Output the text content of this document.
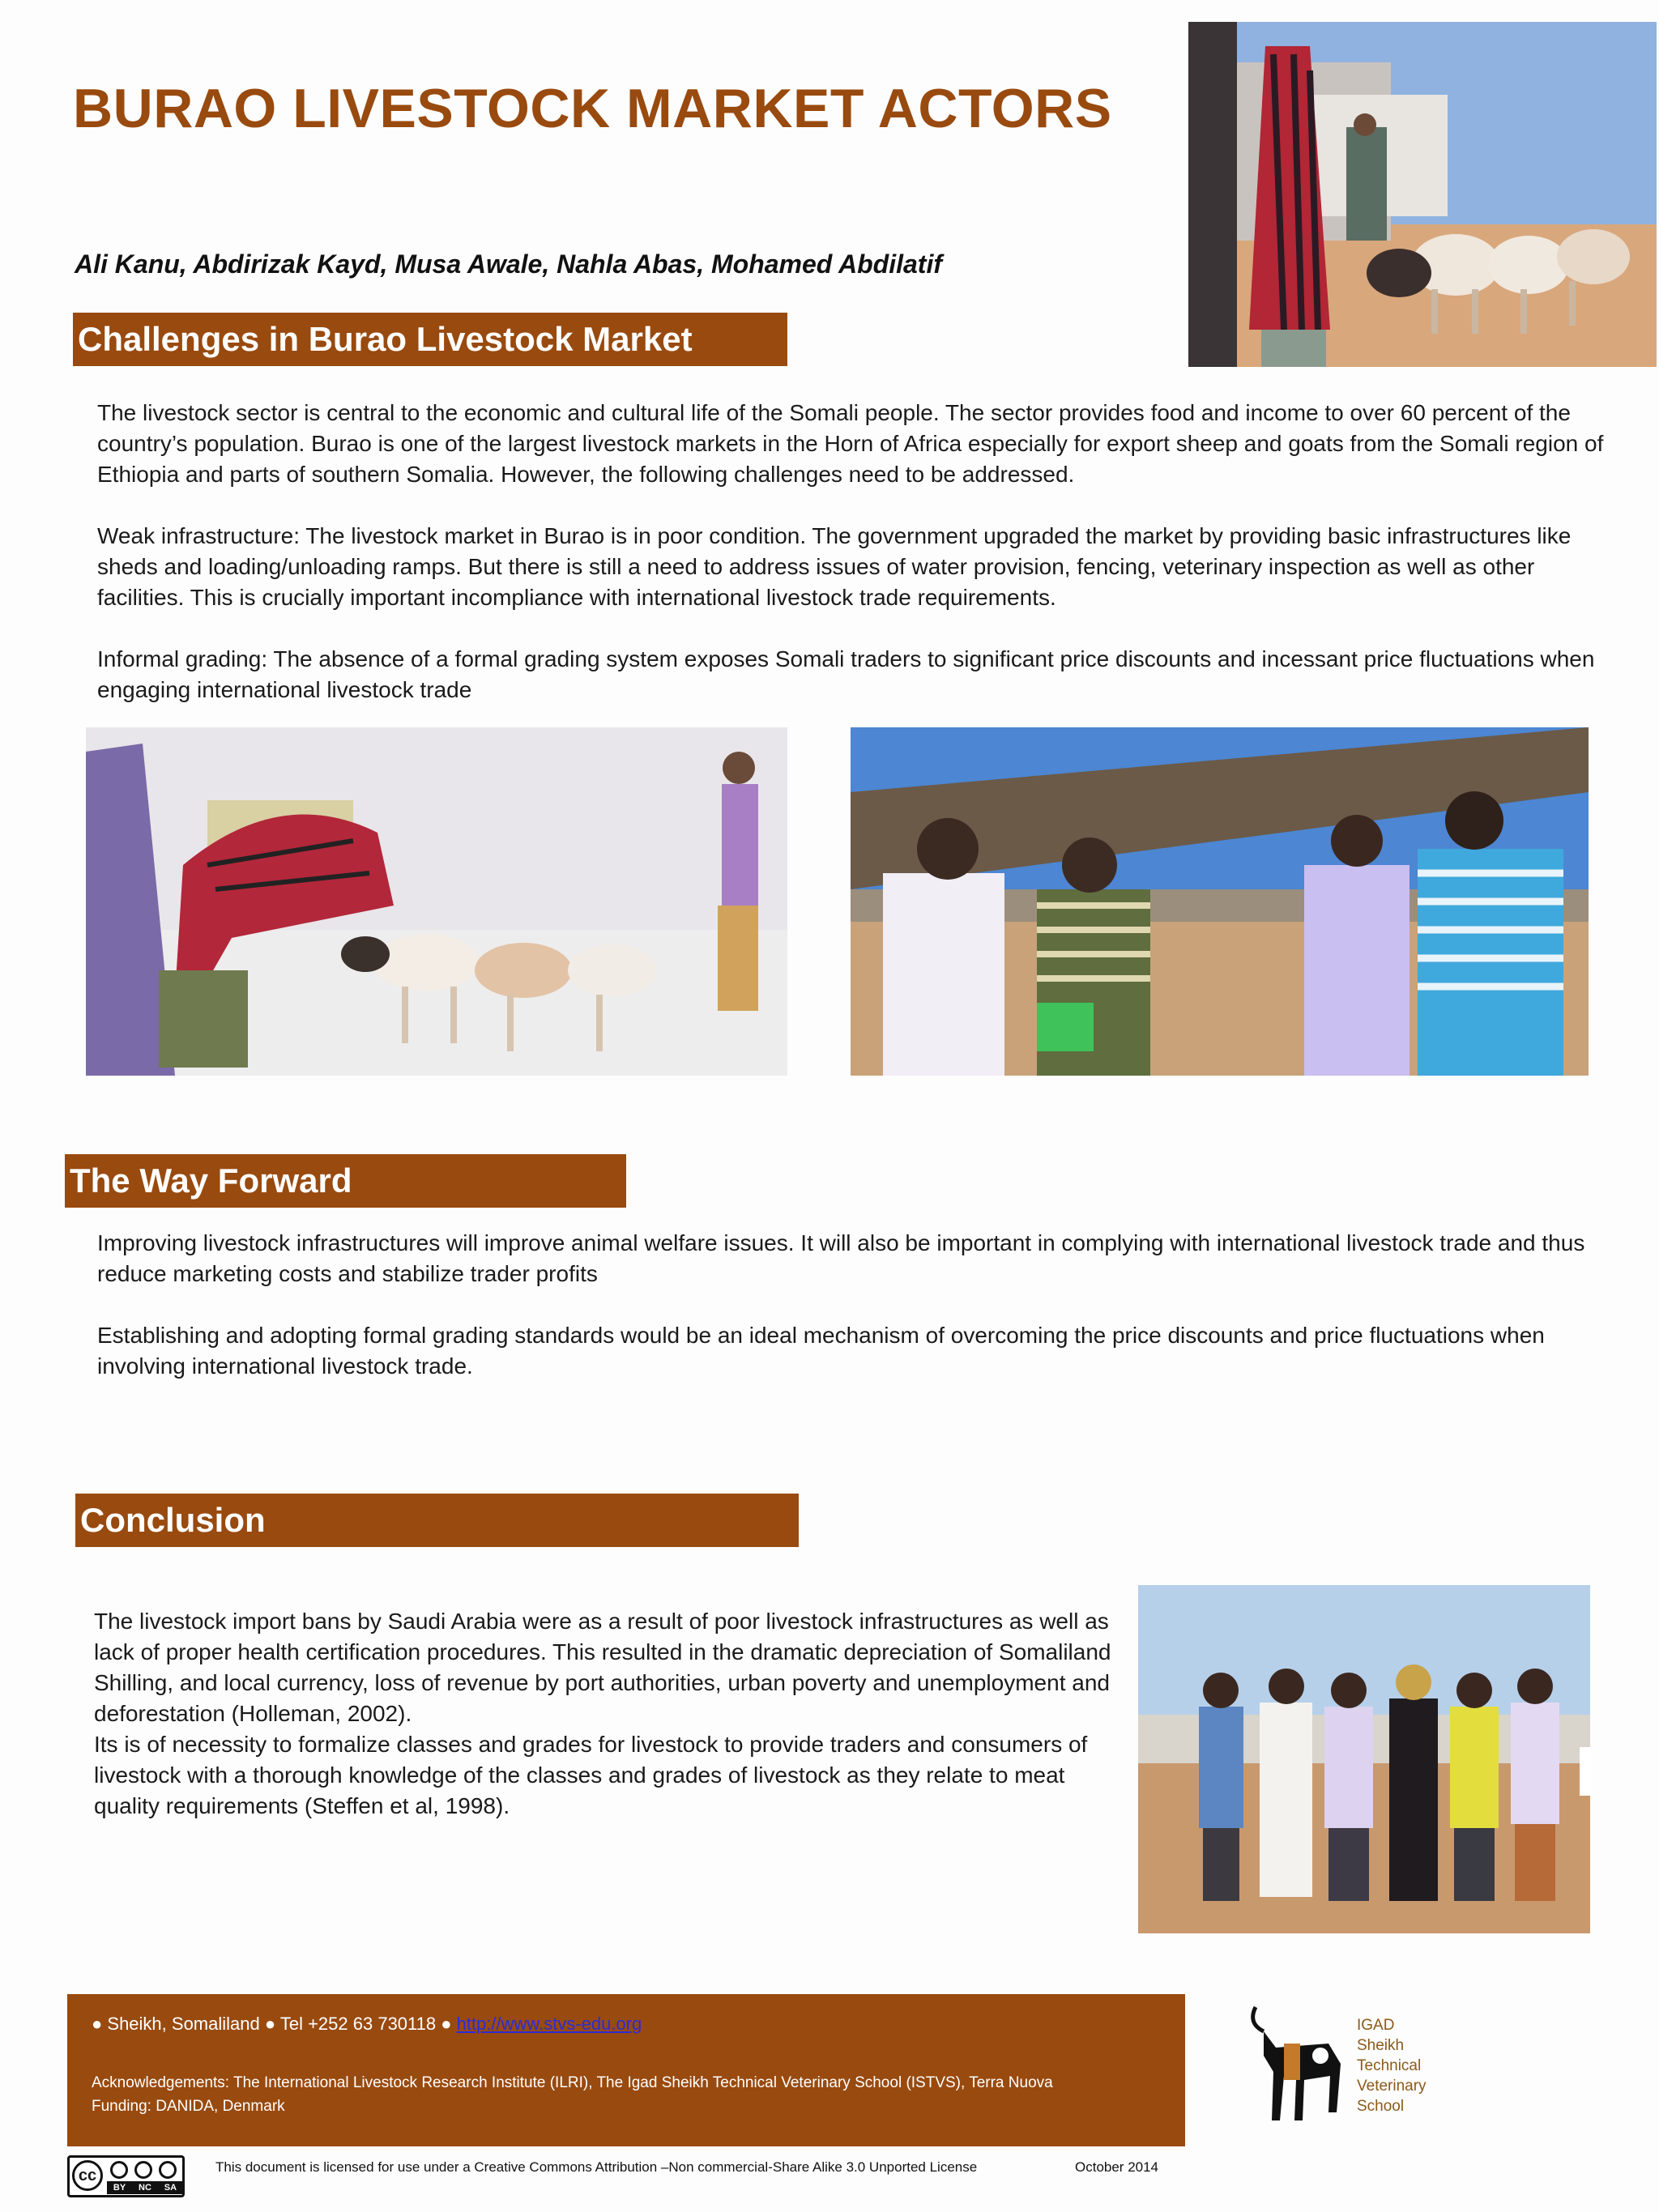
BURAO LIVESTOCK MARKET ACTORS
Ali Kanu, Abdirizak Kayd, Musa Awale, Nahla Abas, Mohamed Abdilatif
Challenges in Burao Livestock Market

The livestock sector is central to the economic and cultural life of the Somali people. The sector provides food and income to over 60 percent of the country’s population. Burao is one of the largest livestock markets in the Horn of Africa especially for export sheep and goats from the Somali region of Ethiopia and parts of southern Somalia. However, the following challenges need to be addressed.

Weak infrastructure: The livestock market in Burao is in poor condition. The government upgraded the market by providing basic infrastructures like sheds and loading/unloading ramps. But there is still a need to address issues of water provision, fencing, veterinary inspection as well as other facilities. This is crucially important incompliance with international livestock trade requirements.

Informal grading: The absence of a formal grading system exposes Somali traders to significant price discounts and incessant price fluctuations when engaging international livestock trade

The Way Forward

Improving livestock infrastructures will improve animal welfare issues. It will also be important in complying with international livestock trade and thus reduce marketing costs and stabilize trader profits

Establishing and adopting formal grading standards would be an ideal mechanism of overcoming the price discounts and price fluctuations when involving international livestock trade.

Conclusion
The livestock import bans by Saudi Arabia were as a result of poor livestock infrastructures as well as lack of proper health certification procedures. This resulted in the dramatic depreciation of Somaliland Shilling, and local currency, loss of revenue by port authorities, urban poverty and unemployment and deforestation (Holleman, 2002).
Its is of necessity to formalize classes and grades for livestock to provide traders and consumers of livestock with a thorough knowledge of the classes and grades of livestock as they relate to meat quality requirements (Steffen et al, 1998).
● Sheikh, Somaliland ● Tel +252 63 730118 ● http://www.stvs-edu.org
Acknowledgements: The International Livestock Research Institute (ILRI), The Igad Sheikh Technical Veterinary School (ISTVS), Terra Nuova
Funding: DANIDA, Denmark
IGAD
Sheikh
Technical
Veterinary
School
cc
BY NC SA
This document is licensed for use under a Creative Commons Attribution –Non commercial-Share Alike 3.0 Unported License	October 2014
